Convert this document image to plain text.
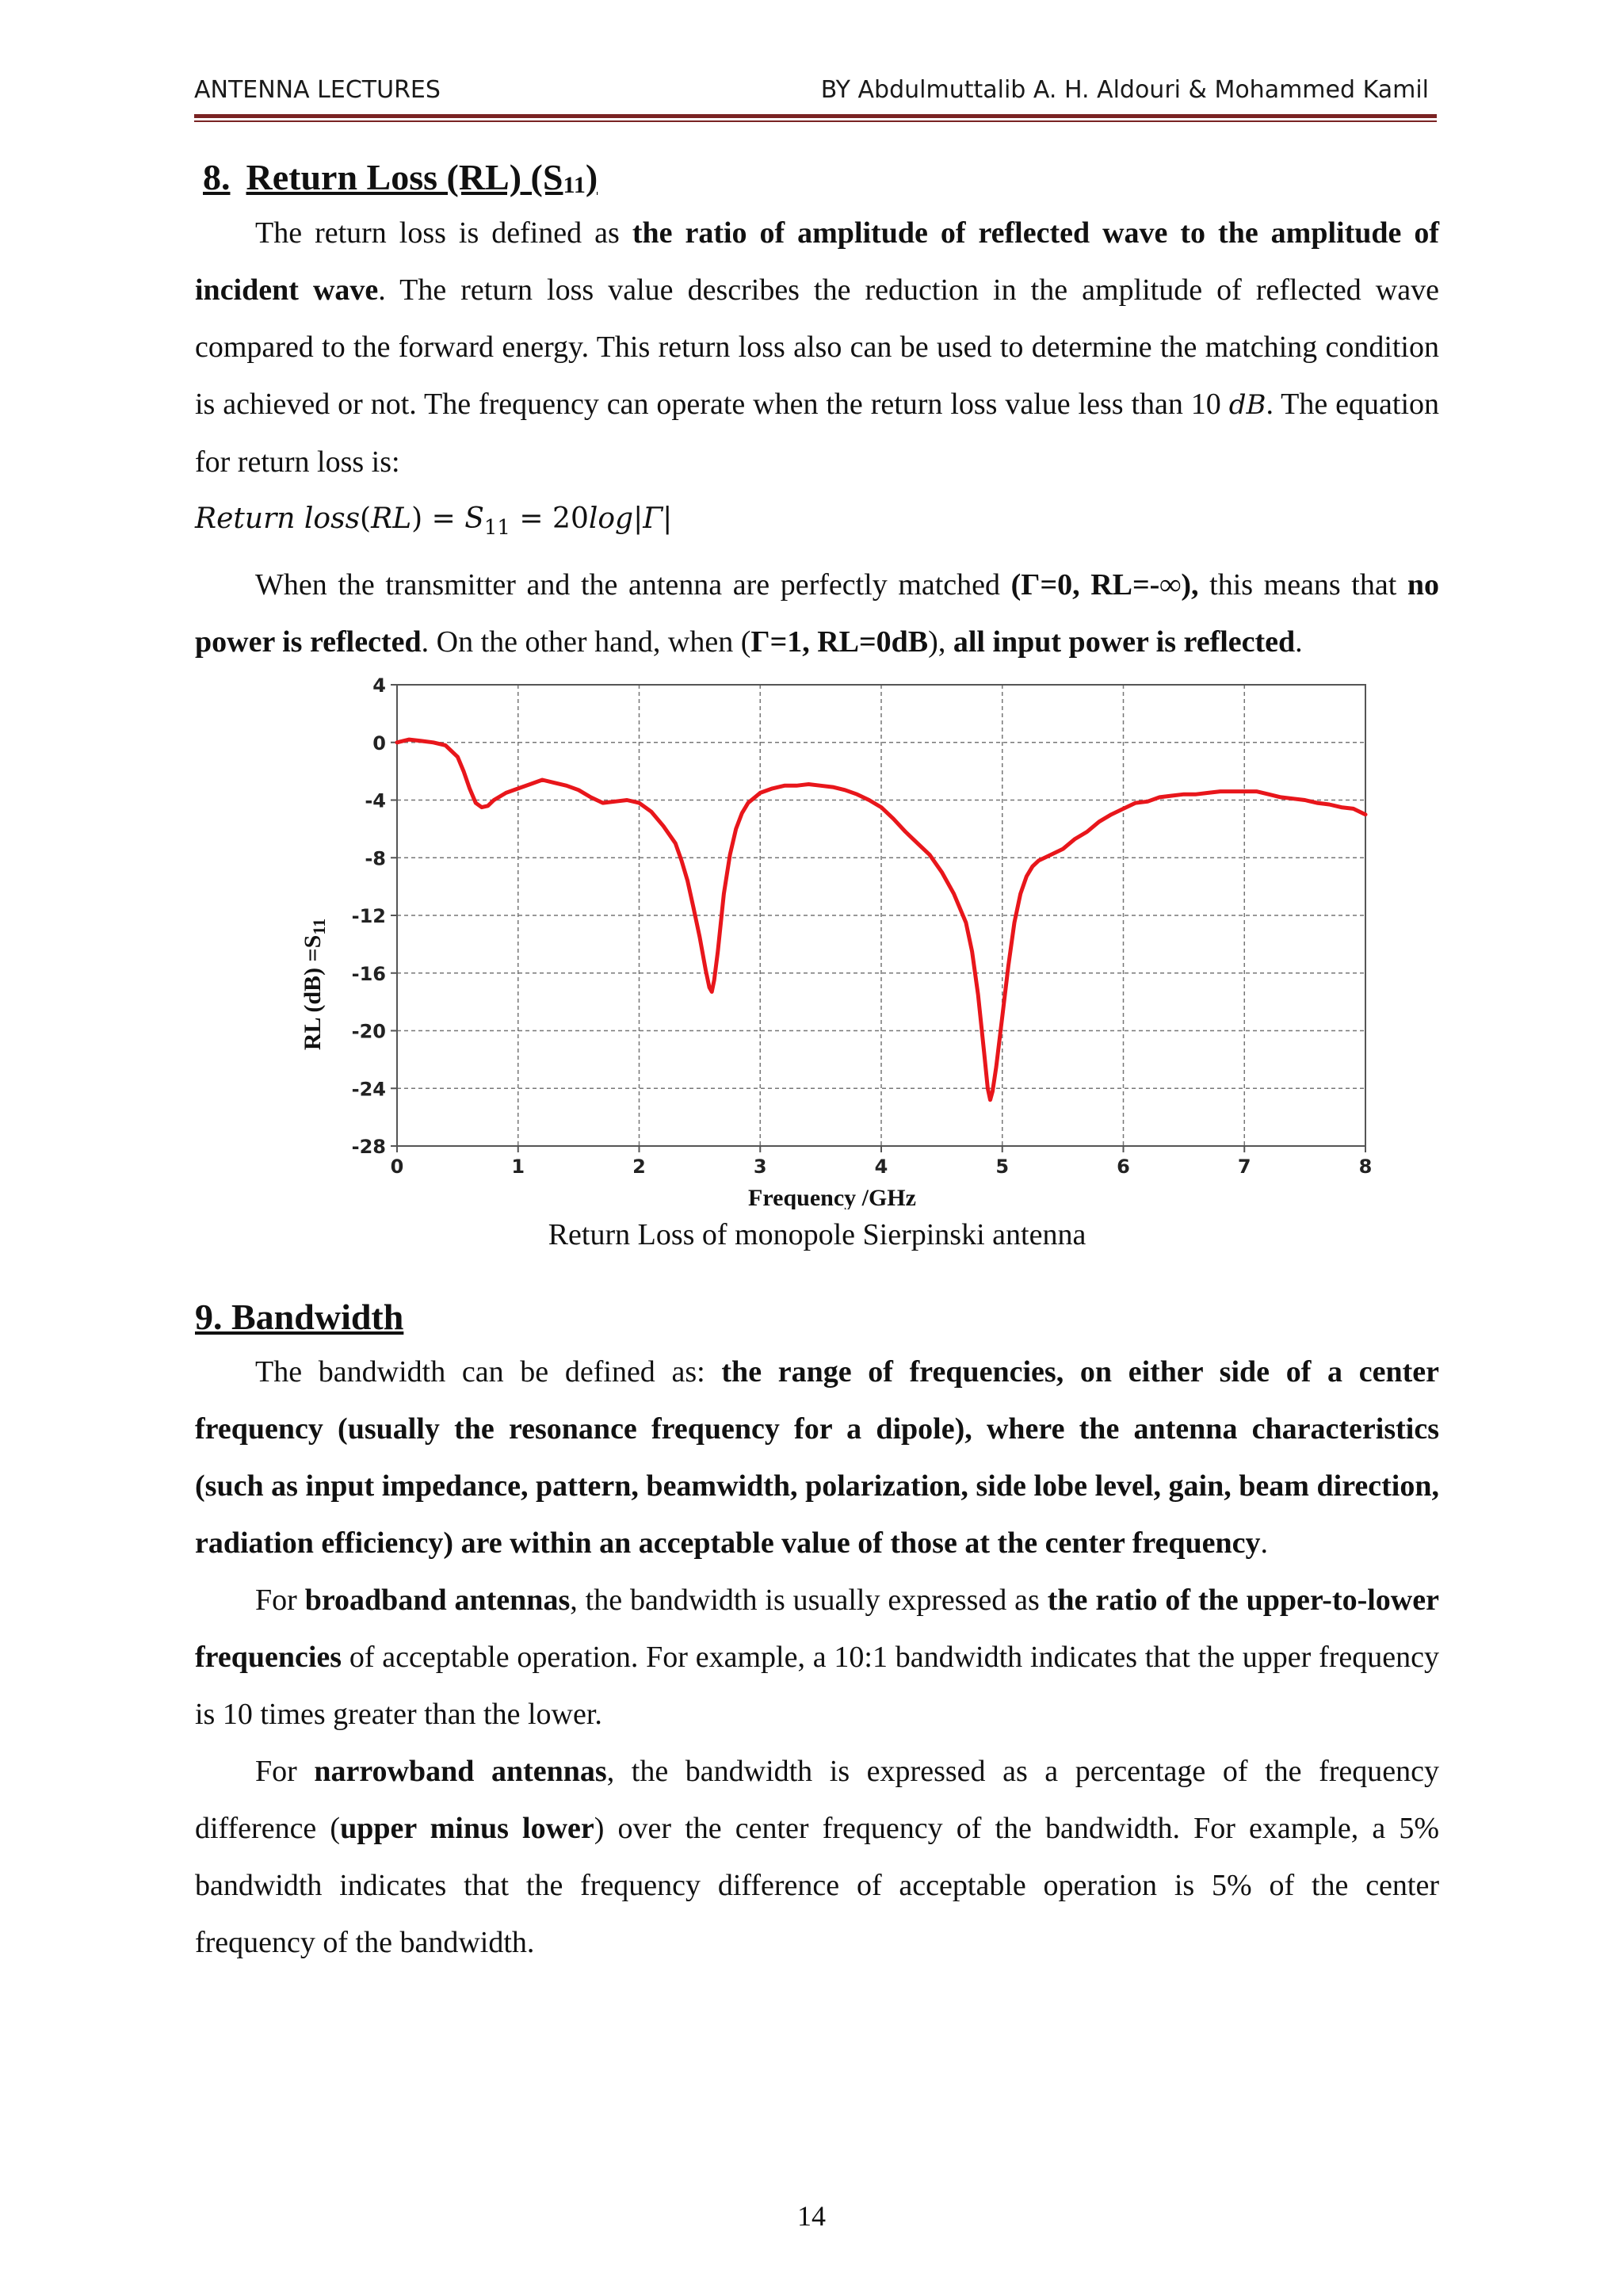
ANTENNA LECTURES	BY Abdulmuttalib A. H. Aldouri & Mohammed Kamil
8. Return Loss (RL) $(S_{11})$

The return loss is defined as the ratio of amplitude of reflected wave to the amplitude of incident wave. The return loss value describes the reduction in the amplitude of reflected wave compared to the forward energy. This return loss also can be used to determine the matching condition is achieved or not. The frequency can operate when the return loss value less than 10 dB. The equation for return loss is:

Return loss(RL) = $S_{11} = 20\log|\Gamma|$

When the transmitter and the antenna are perfectly matched (Γ=0, RL=-∞), this means that no power is reflected. On the other hand, when (Γ=1, RL=0dB), all input power is reflected.

4
0
-4
-8
-12
-16
-20
-24
-28
0	1	2	3	4	5	6	7	8
Frequency /GHz
RL $(dB) =S_{11}$
Return Loss of monopole Sierpinski antenna
9. Bandwidth

The bandwidth can be defined as: the range of frequencies, on either side of a center frequency (usually the resonance frequency for a dipole), where the antenna characteristics (such as input impedance, pattern, beamwidth, polarization, side lobe level, gain, beam direction, radiation efficiency) are within an acceptable value of those at the center frequency.

For broadband antennas, the bandwidth is usually expressed as the ratio of the upper-to-lower frequencies of acceptable operation. For example, a 10:1 bandwidth indicates that the upper frequency is 10 times greater than the lower.

For narrowband antennas, the bandwidth is expressed as a percentage of the frequency difference (upper minus lower) over the center frequency of the bandwidth. For example, a 5% bandwidth indicates that the frequency difference of acceptable operation is 5% of the center frequency of the bandwidth.

14
